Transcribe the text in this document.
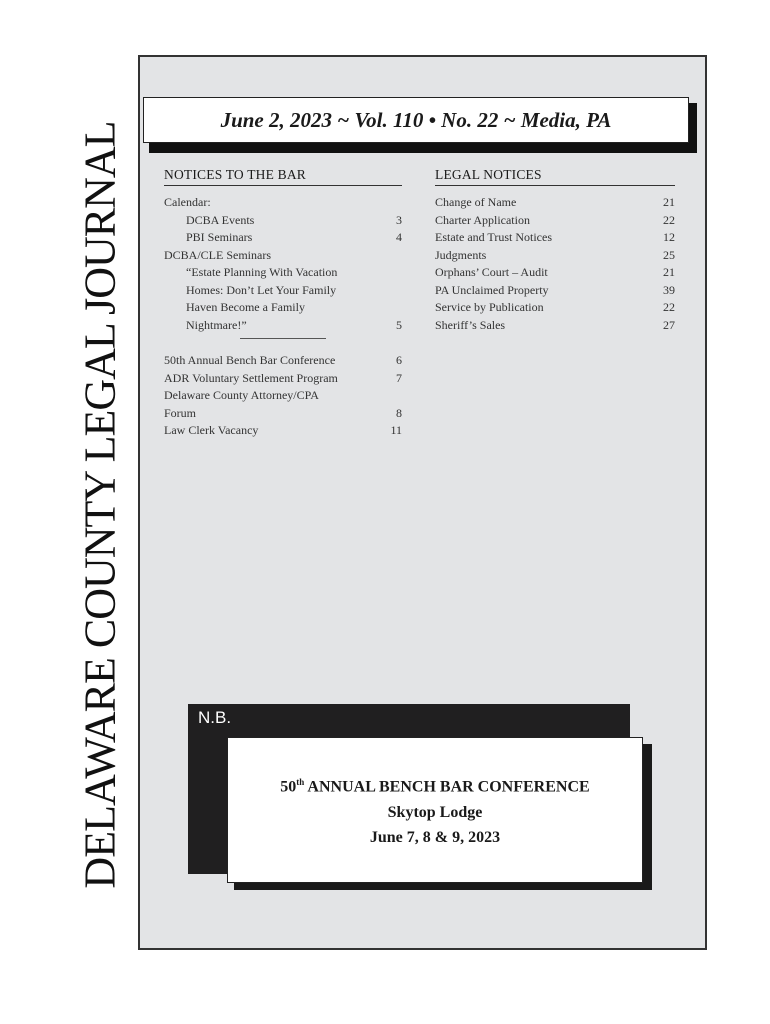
DELAWARE COUNTY LEGAL JOURNAL
June 2, 2023 ~ Vol. 110 • No. 22 ~ Media, PA
NOTICES TO THE BAR
Calendar:
DCBA Events	3
PBI Seminars	4
DCBA/CLE Seminars
“Estate Planning With Vacation
Homes: Don’t Let Your Family
Haven Become a Family
Nightmare!”	5
50th Annual Bench Bar Conference	6
ADR Voluntary Settlement Program	7
Delaware County Attorney/CPA
Forum	8
Law Clerk Vacancy	11
LEGAL NOTICES
Change of Name	21
Charter Application	22
Estate and Trust Notices	12
Judgments	25
Orphans’ Court – Audit	21
PA Unclaimed Property	39
Service by Publication	22
Sheriff’s Sales	27
N.B.
50th ANNUAL BENCH BAR CONFERENCE
Skytop Lodge
June 7, 8 & 9, 2023
